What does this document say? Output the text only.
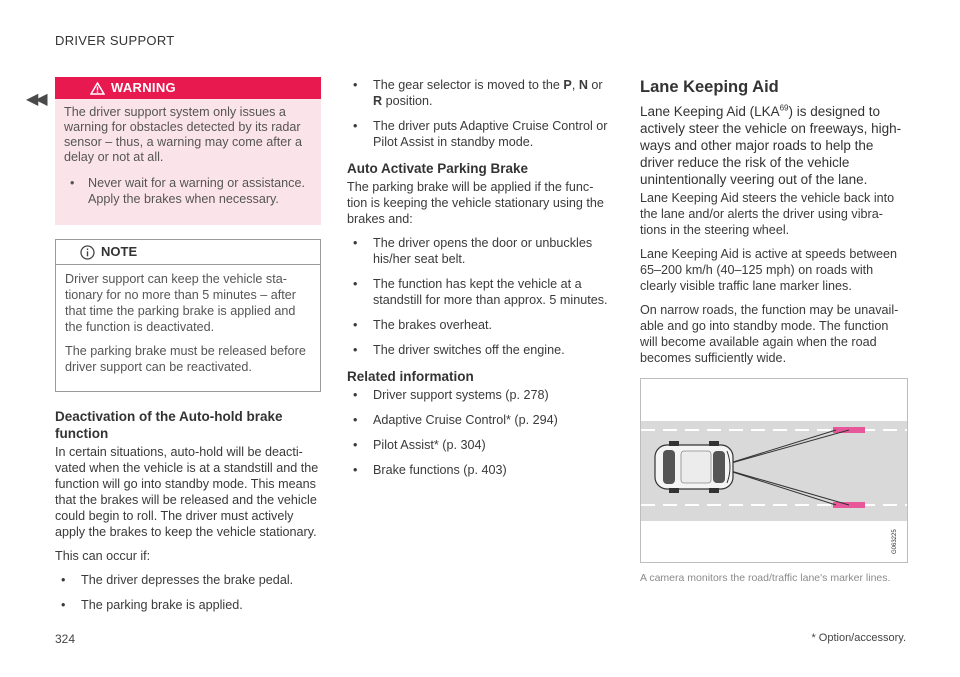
DRIVER SUPPORT
◀◀
WARNING

The driver support system only issues a warning for obstacles detected by its radar sensor – thus, a warning may come after a delay or not at all.

• Never wait for a warning or assistance. Apply the brakes when necessary.
NOTE

Driver support can keep the vehicle sta-tionary for no more than 5 minutes – after that time the parking brake is applied and the function is deactivated.

The parking brake must be released before driver support can be reactivated.

Deactivation of the Auto-hold brake function

In certain situations, auto-hold will be deacti-vated when the vehicle is at a standstill and the function will go into standby mode. This means that the brakes will be released and the vehicle could begin to roll. The driver must actively apply the brakes to keep the vehicle stationary.

This can occur if:

• The driver depresses the brake pedal.
• The parking brake is applied.
• The gear selector is moved to the P, N or R position.
• The driver puts Adaptive Cruise Control or Pilot Assist in standby mode.
Auto Activate Parking Brake

The parking brake will be applied if the func-tion is keeping the vehicle stationary using the brakes and:

• The driver opens the door or unbuckles his/her seat belt.
• The function has kept the vehicle at a standstill for more than approx. 5 minutes.
• The brakes overheat.
• The driver switches off the engine.
Related information
• Driver support systems (p. 278)
• Adaptive Cruise Control* (p. 294)
• Pilot Assist* (p. 304)
• Brake functions (p. 403)
Lane Keeping Aid

Lane Keeping Aid (LKA$^{69}$) is designed to actively steer the vehicle on freeways, high-ways and other major roads to help the driver reduce the risk of the vehicle unintentionally veering out of the lane.

Lane Keeping Aid steers the vehicle back into the lane and/or alerts the driver using vibra-tions in the steering wheel.

Lane Keeping Aid is active at speeds between 65–200 km/h (40–125 mph) on roads with clearly visible traffic lane marker lines.

On narrow roads, the function may be unavail-able and go into standby mode. The function will become available again when the road becomes sufficiently wide.

G063225
A camera monitors the road/traffic lane's marker lines.
324	* Option/accessory.
